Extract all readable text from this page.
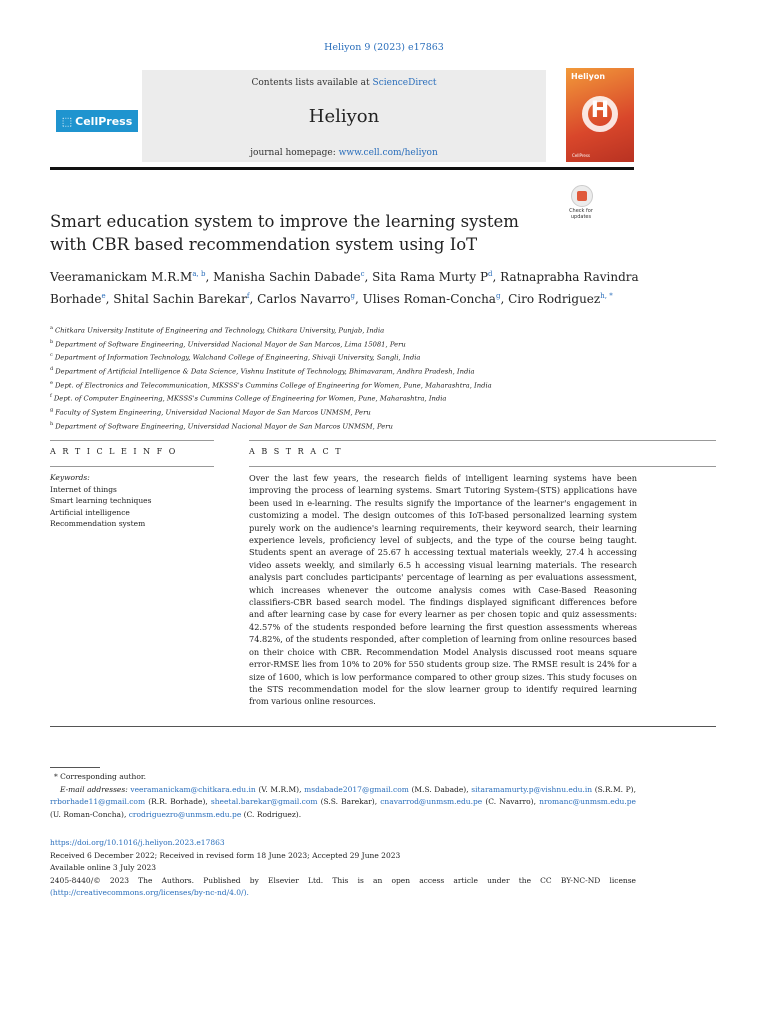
Heliyon 9 (2023) e17863
⬚ CellPress
Contents lists available at ScienceDirect
Heliyon
journal homepage: www.cell.com/heliyon
Heliyon
H
CellPress
Check for
updates
Smart education system to improve the learning system with CBR based recommendation system using IoT
Veeramanickam $M.R.M^{a, b}$, Manisha Sachin Dabade$^c$, Sita Rama Murty $P^d$, Ratnaprabha Ravindra Borhade$^e$, Shital Sachin Barekar$^f$, Carlos Navarro$^g$, Ulises Roman-Concha$^g$, Ciro Rodriguez$^{h, *}$
$^a$ Chitkara University Institute of Engineering and Technology, Chitkara University, Punjab, India
$^b$ Department of Software Engineering, Universidad Nacional Mayor de San Marcos, Lima 15081, Peru
$^c$ Department of Information Technology, Walchand College of Engineering, Shivaji University, Sangli, India
$^d$ Department of Artificial Intelligence & Data Science, Vishnu Institute of Technology, Bhimavaram, Andhra Pradesh, India
$^e$ Dept. of Electronics and Telecommunication, MKSSS's Cummins College of Engineering for Women, Pune, Maharashtra, India
$^f$ Dept. of Computer Engineering, MKSSS's Cummins College of Engineering for Women, Pune, Maharashtra, India
$^g$ Faculty of System Engineering, Universidad Nacional Mayor de San Marcos UNMSM, Peru
$^h$ Department of Software Engineering, Universidad Nacional Mayor de San Marcos UNMSM, Peru
A R T I C L E I N F O
Keywords:
Internet of things
Smart learning techniques
Artificial intelligence
Recommendation system
A B S T R A C T
Over the last few years, the research fields of intelligent learning systems have been improving the process of learning systems. Smart Tutoring System-(STS) applications have been used in e-learning. The results signify the importance of the learner's engagement in customizing a model. The design outcomes of this IoT-based personalized learning system purely work on the audience's learning requirements, their keyword search, their learning experience levels, proficiency level of subjects, and the type of the course being taught. Students spent an average of 25.67 h accessing textual materials weekly, 27.4 h accessing video assets weekly, and similarly 6.5 h accessing visual learning materials. The research analysis part concludes participants' percentage of learning as per evaluations assessment, which increases whenever the outcome analysis comes with Case-Based Reasoning classifiers-CBR based search model. The findings displayed significant differences before and after learning case by case for every learner as per chosen topic and quiz assessments: 42.57% of the students responded before learning the first question assessments whereas 74.82%, of the students responded, after completion of learning from online resources based on their choice with CBR. Recommendation Model Analysis discussed root means square error-RMSE lies from 10% to 20% for 550 students group size. The RMSE result is 24% for a size of 1600, which is low performance compared to other group sizes. This study focuses on the STS recommendation model for the slow learner group to identify required learning from various online resources.
* Corresponding author.
E-mail addresses: veeramanickam@chitkara.edu.in (V. M.R.M), msdabade2017@gmail.com (M.S. Dabade), sitaramamurty.p@vishnu.edu.in (S.R.M. P), rrborhade11@gmail.com (R.R. Borhade), sheetal.barekar@gmail.com (S.S. Barekar), cnavarrod@unmsm.edu.pe (C. Navarro), nromanc@unmsm.edu.pe (U. Roman-Concha), crodriguezro@unmsm.edu.pe (C. Rodriguez).
https://doi.org/10.1016/j.heliyon.2023.e17863
Received 6 December 2022; Received in revised form 18 June 2023; Accepted 29 June 2023
Available online 3 July 2023
2405-8440/© 2023 The Authors. Published by Elsevier Ltd. This is an open access article under the CC BY-NC-ND license (http://creativecommons.org/licenses/by-nc-nd/4.0/).
